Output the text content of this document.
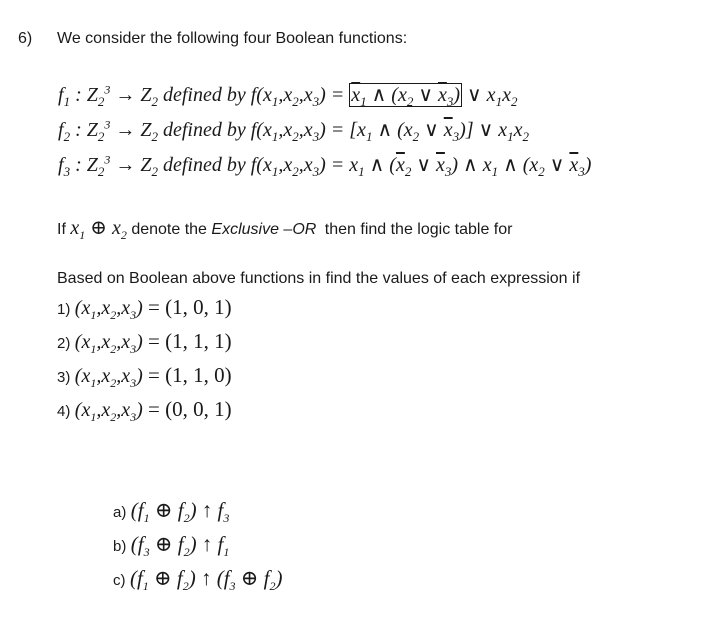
6) We consider the following four Boolean functions:
$f_1$ : $Z_2^3 \to Z_2$ defined by $f(x_1,x_2,x_3) = \overline{x}_1$ ∧ ($x_2$ ∨ $\overline{x}_3$) ∨ $x_1x_2$
$f_2$ : $Z_2^3 \to Z_2$ defined by $f(x_1,x_2,x_3) = [x_1$ ∧ ($x_2$ ∨ $\overline{x}_3$)] ∨ $x_1x_2$
$f_3$ : $Z_2^3 \to Z_2$ defined by $f(x_1,x_2,x_3) = x_1$ ∧ ($\overline{x}_2$ ∨ $\overline{x}_3$) ∧ $x_1$ ∧ ($x_2$ ∨ $\overline{x}_3$)
If $x_1$ ⊕ $x_2$ denote the Exclusive –OR then find the logic table for
Based on Boolean above functions in find the values of each expression if
1) $(x_1,x_2,x_3) = (1$, 0, 1)
2) $(x_1,x_2,x_3) = (1$, 1, 1)
3) $(x_1,x_2,x_3) = (1$, 1, 0)
4) $(x_1,x_2,x_3) = (0$, 0, 1)
a) ($f_1$ ⊕ $f_2$) ↑ $f_3$
b) ($f_3$ ⊕ $f_2$) ↑ $f_1$
c) ($f_1$ ⊕ $f_2$) ↑ ($f_3$ ⊕ $f_2$)
